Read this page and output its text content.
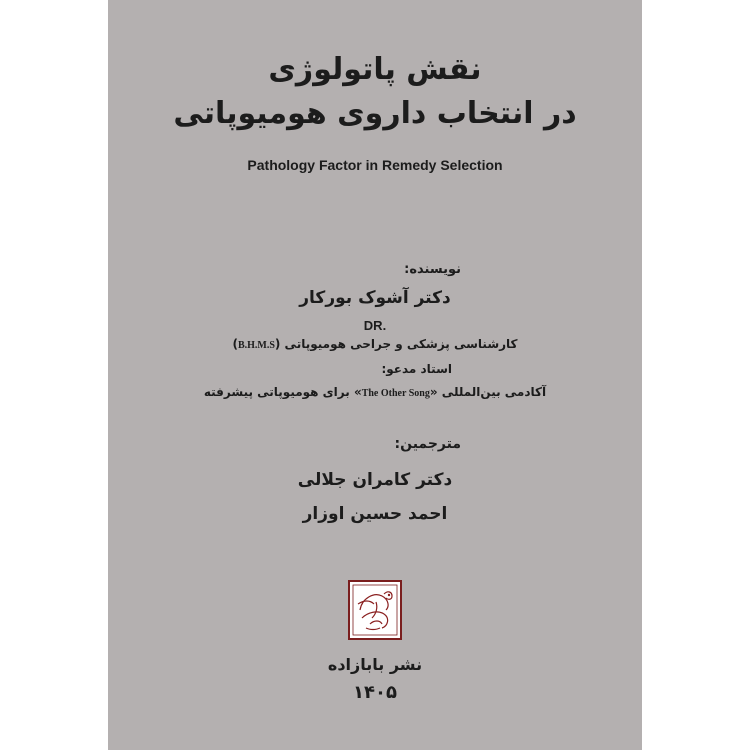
نقش پاتولوژی
در انتخاب داروی هومیوپاتی
Pathology Factor in Remedy Selection
نویسنده:
دکتر آشوک بورکار
DR.
کارشناسی پزشکی و جراحی هومیوپاتی (B.H.M.S)
استاد مدعو:
آکادمی بین‌المللی «The Other Song» برای هومیوپاتی پیشرفته
مترجمین:
دکتر کامران جلالی
احمد حسین اوزار
نشر بابازاده
۱۴۰۵
